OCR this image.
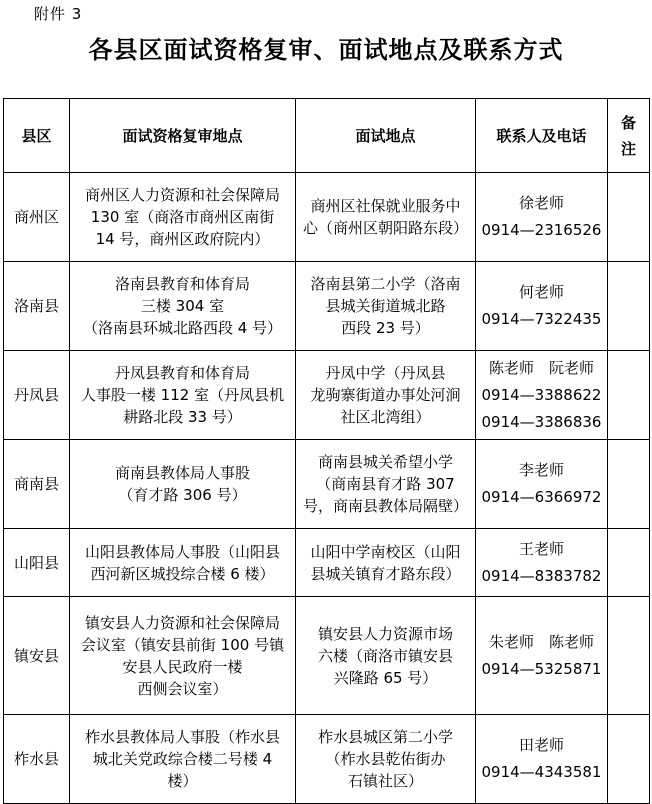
附件 3
各县区面试资格复审、面试地点及联系方式
县区	面试资格复审地点	面试地点	联系人及电话	备
注

商州区	商州区人力资源和社会保障局
130 室（商洛市商州区南街
14 号，商州区政府院内）	商州区社保就业服务中
心（商州区朝阳路东段）	徐老师
0914—2316526	

洛南县	洛南县教育和体育局
三楼 304 室
（洛南县环城北路西段 4 号）	洛南县第二小学（洛南
县城关街道城北路
西段 23 号）	何老师
0914—7322435	

丹凤县	丹凤县教育和体育局
人事股一楼 112 室（丹凤县机
耕路北段 33 号）	丹凤中学（丹凤县
龙驹寨街道办事处河涧
社区北湾组）	陈老师　阮老师
0914—3388622
0914—3386836	

商南县	商南县教体局人事股
（育才路 306 号）	商南县城关希望小学
（商南县育才路 307
号，商南县教体局隔壁）	李老师
0914—6366972	

山阳县	山阳县教体局人事股（山阳县
西河新区城投综合楼 6 楼）	山阳中学南校区（山阳
县城关镇育才路东段）	王老师
0914—8383782	

镇安县	镇安县人力资源和社会保障局
会议室（镇安县前街 100 号镇
安县人民政府一楼
西侧会议室）	镇安县人力资源市场
六楼（商洛市镇安县
兴隆路 65 号）	朱老师　陈老师
0914—5325871	

柞水县	柞水县教体局人事股（柞水县
城北关党政综合楼二号楼 4
楼）	柞水县城区第二小学
（柞水县乾佑街办
石镇社区）	田老师
0914—4343581	
